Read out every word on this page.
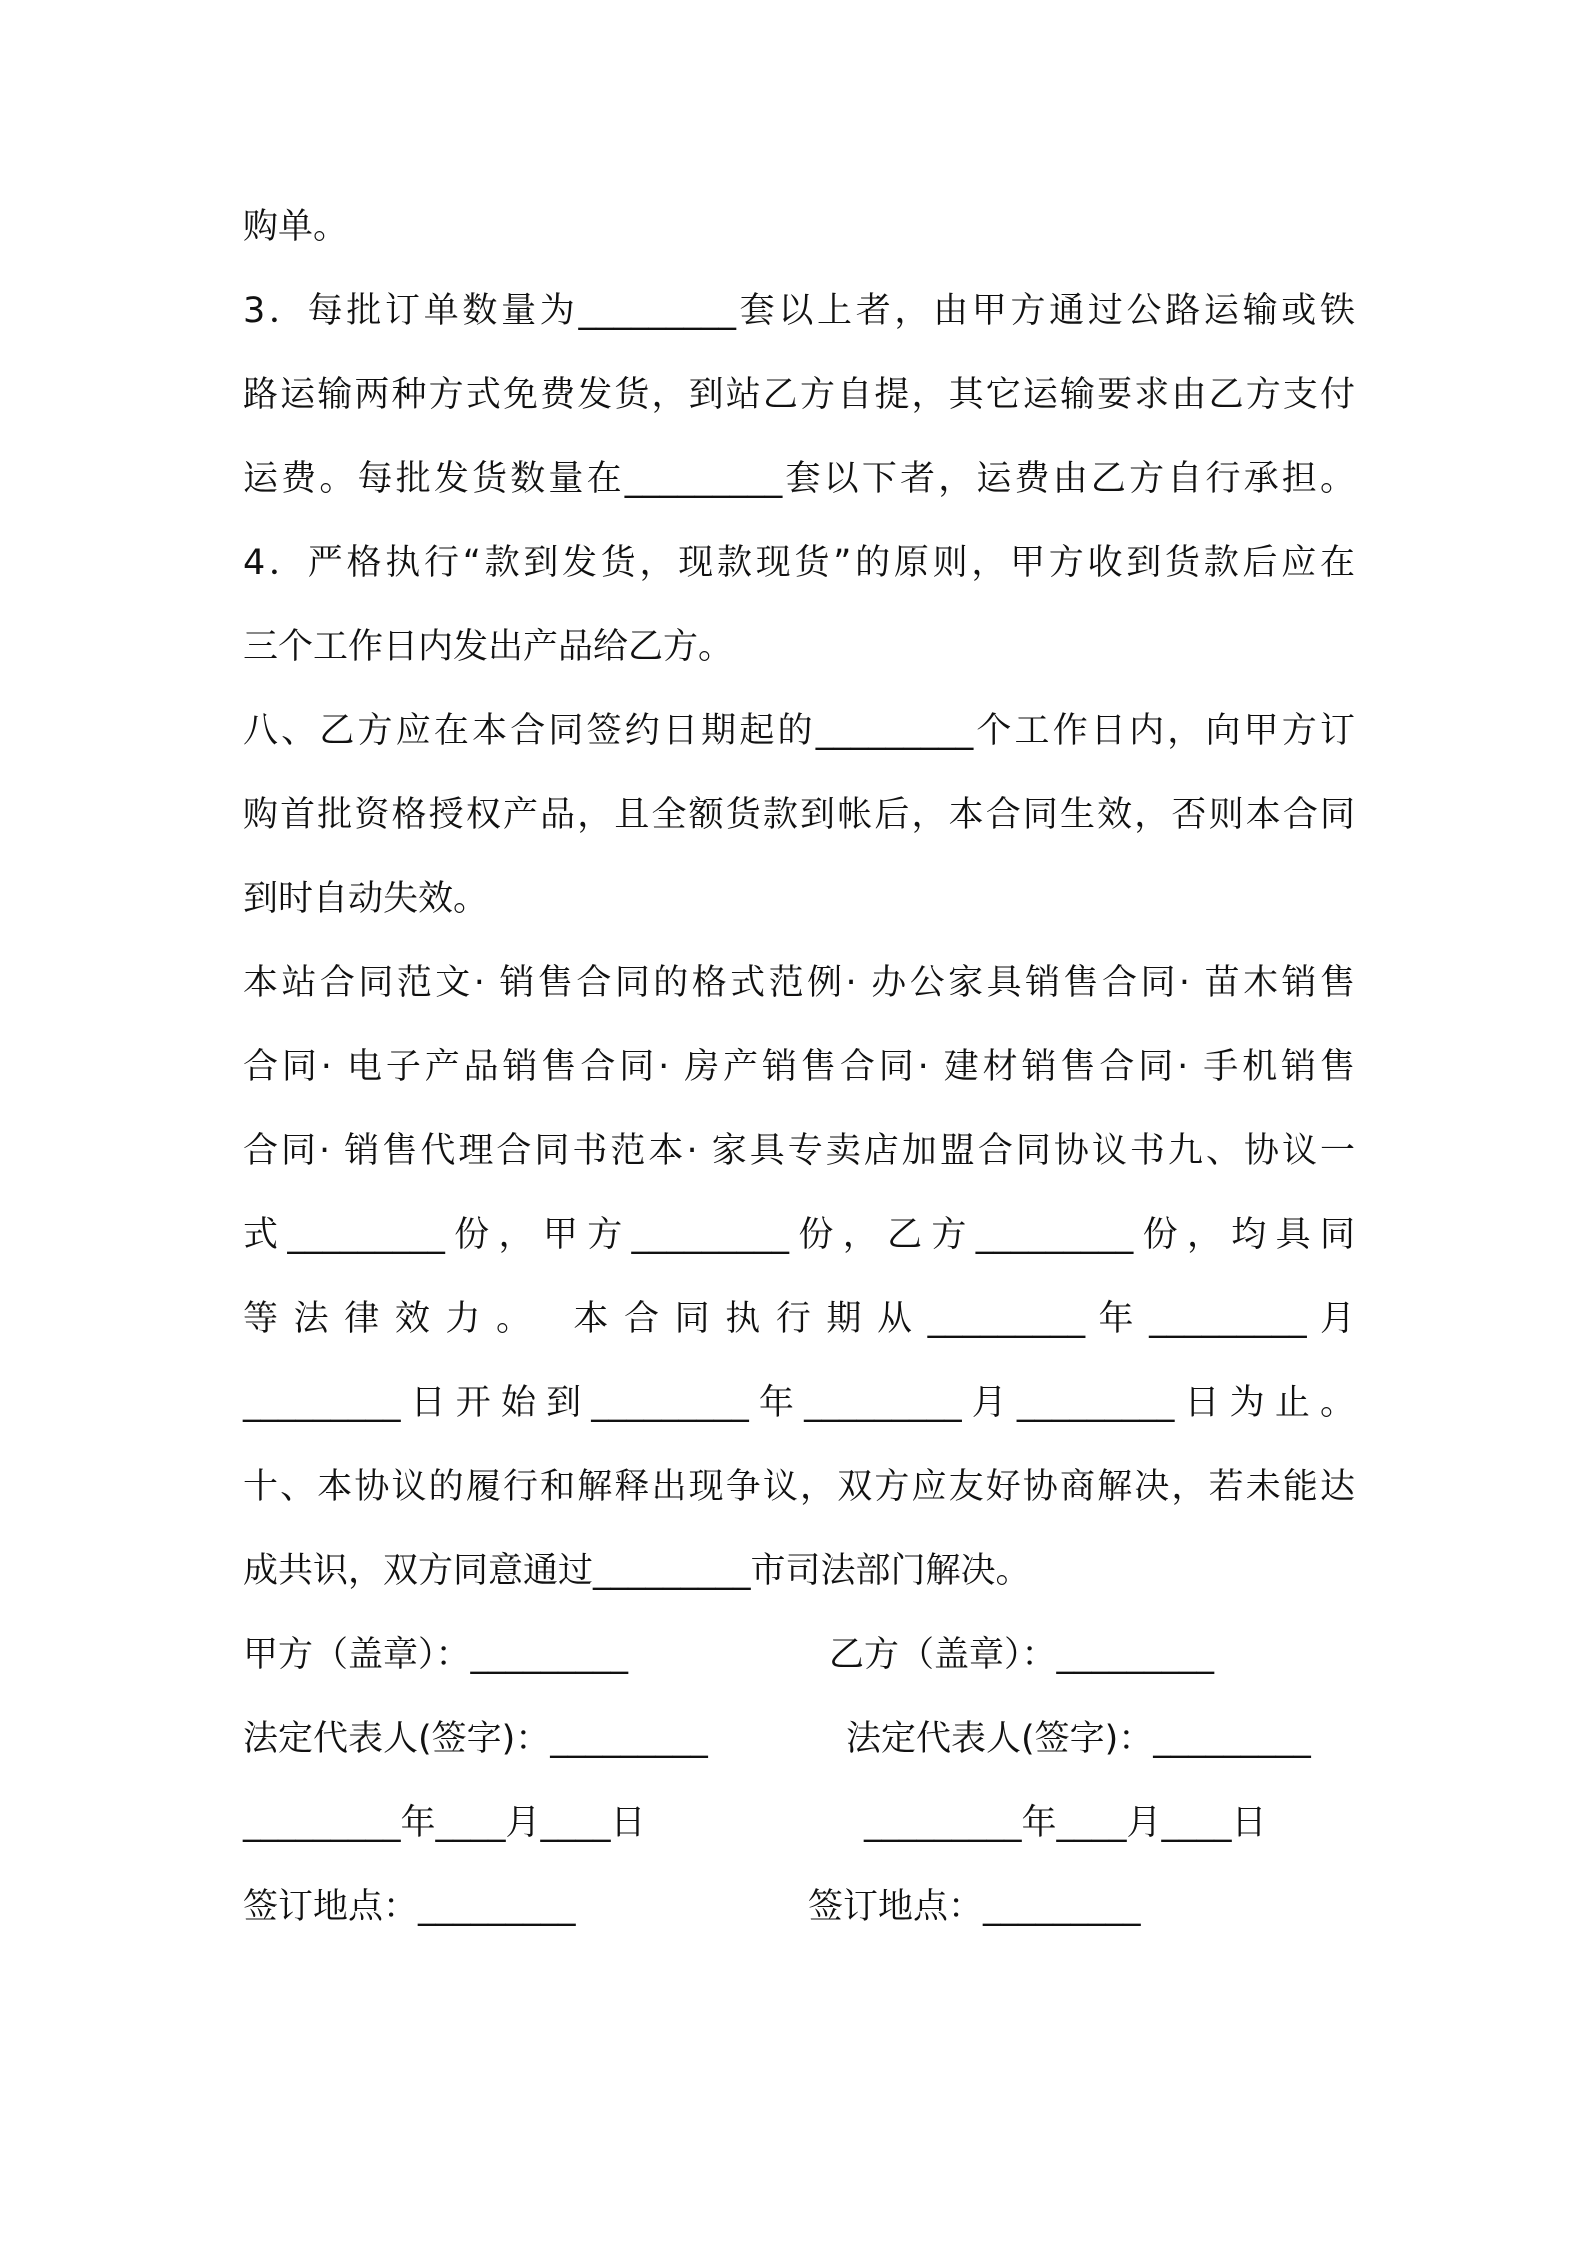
购单。
3．每批订单数量为_________套以上者，由甲方通过公路运输或铁
路运输两种方式免费发货，到站乙方自提，其它运输要求由乙方支付
运费。每批发货数量在_________套以下者，运费由乙方自行承担。
4．严格执行“款到发货，现款现货”的原则，甲方收到货款后应在
三个工作日内发出产品给乙方。
八、乙方应在本合同签约日期起的_________个工作日内，向甲方订
购首批资格授权产品，且全额货款到帐后，本合同生效，否则本合同
到时自动失效。
本站合同范文· 销售合同的格式范例· 办公家具销售合同· 苗木销售
合同· 电子产品销售合同· 房产销售合同· 建材销售合同· 手机销售
合同· 销售代理合同书范本· 家具专卖店加盟合同协议书九、协议一
式_________份，甲方_________份，乙方_________份，均具同
等 法 律 效 力 。   本 合 同 执 行 期 从 _________ 年 _________ 月
_________日开始到_________年_________月_________日为止。
十、本协议的履行和解释出现争议，双方应友好协商解决，若未能达
成共识，双方同意通过_________市司法部门解决。
甲方（盖章）：_________	乙方（盖章）：_________
法定代表人(签字)：_________	法定代表人(签字)：_________
_________年____月____日	_________年____月____日
签订地点：_________	签订地点：_________
